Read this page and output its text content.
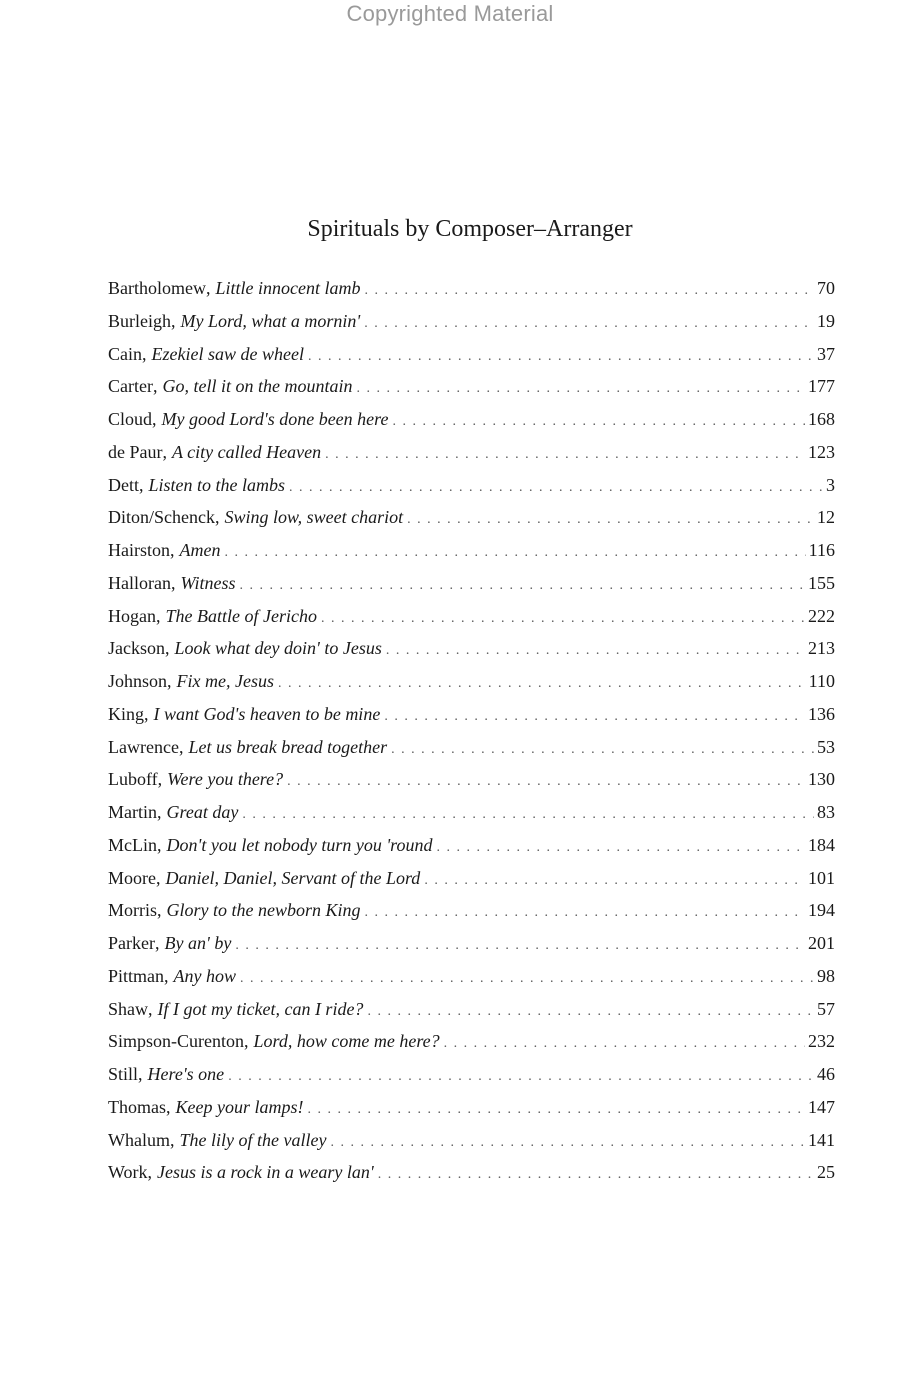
Copyrighted Material
Spirituals by Composer–Arranger
Bartholomew , Little innocent lamb . . .	70
Burleigh , My Lord, what a mornin' . . .	19
Cain , Ezekiel saw de wheel . . .	37
Carter , Go, tell it on the mountain . . .	177
Cloud , My good Lord's done been here . . .	168
de Paur , A city called Heaven . . .	123
Dett , Listen to the lambs . . .	3
Diton/Schenck , Swing low, sweet chariot . . .	12
Hairston , Amen . . .	116
Halloran , Witness . . .	155
Hogan , The Battle of Jericho . . .	222
Jackson , Look what dey doin' to Jesus . . .	213
Johnson , Fix me, Jesus . . .	110
King , I want God's heaven to be mine . . .	136
Lawrence , Let us break bread together . . .	53
Luboff , Were you there? . . .	130
Martin , Great day . . .	83
McLin , Don't you let nobody turn you 'round . . .	184
Moore , Daniel, Daniel, Servant of the Lord . . .	101
Morris , Glory to the newborn King . . .	194
Parker , By an' by . . .	201
Pittman , Any how . . .	98
Shaw , If I got my ticket, can I ride? . . .	57
Simpson-Curenton , Lord, how come me here? . . .	232
Still , Here's one . . .	46
Thomas , Keep your lamps! . . .	147
Whalum , The lily of the valley . . .	141
Work , Jesus is a rock in a weary lan' . . .	25
